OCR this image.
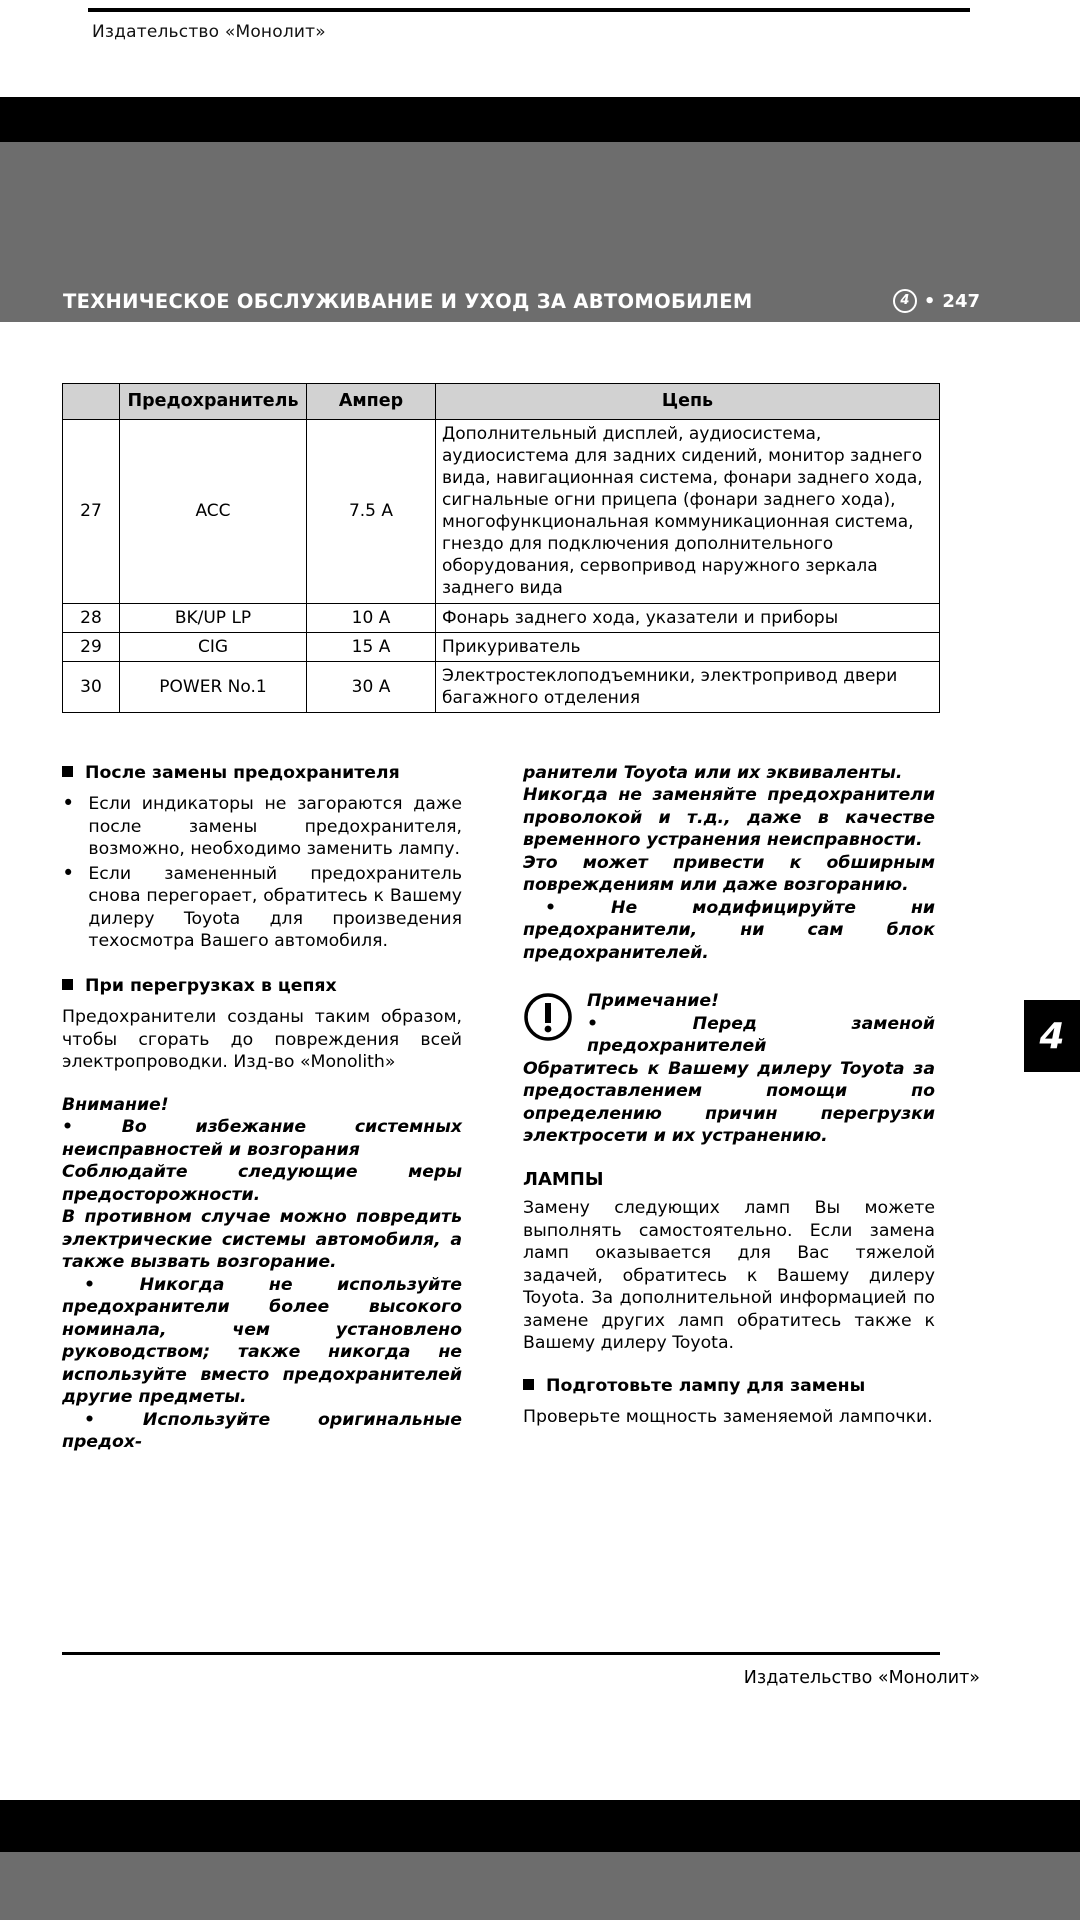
Издательство «Монолит»
ТЕХНИЧЕСКОЕ ОБСЛУЖИВАНИЕ И УХОД ЗА АВТОМОБИЛЕМ	4 • 247
	Предохранитель	Ампер	Цепь
27	ACC	7.5 A	Дополнительный дисплей, аудиосистема, аудиосистема для задних сидений, монитор заднего вида, навигационная система, фонари заднего хода, сигнальные огни прицепа (фонари заднего хода), многофункциональная коммуникационная система, гнездо для подключения дополнительного оборудования, сервопривод наружного зеркала заднего вида
28	BK/UP LP	10 A	Фонарь заднего хода, указатели и приборы
29	CIG	15 A	Прикуриватель
30	POWER No.1	30 A	Электростеклоподъемники, электропривод двери багажного отделения
После замены предохранителя
• Если индикаторы не загораются даже после замены предохранителя, возможно, необходимо заменить лампу.
• Если замененный предохранитель снова перегорает, обратитесь к Вашему дилеру Toyota для произведения техосмотра Вашего автомобиля.
При перегрузках в цепях

Предохранители созданы таким образом, чтобы сгорать до повреждения всей электропроводки. Изд-во «Monolith»

Внимание!

• Во избежание системных неисправностей и возгорания

Соблюдайте следующие меры предосторожности.

В противном случае можно повредить электрические системы автомобиля, а также вызвать возгорание.

• Никогда не используйте предохранители более высокого номинала, чем установлено руководством; также никогда не используйте вместо предохранителей другие предметы.

• Используйте оригинальные предох-

ранители Toyota или их эквиваленты.

Никогда не заменяйте предохранители проволокой и т.д., даже в качестве временного устранения неисправности.

Это может привести к обширным повреждениям или даже возгоранию.

• Не модифицируйте ни предохранители, ни сам блок предохранителей.

Примечание!

• Перед заменой предохранителей

Обратитесь к Вашему дилеру Toyota за предоставлением помощи по определению причин перегрузки электросети и их устранению.

ЛАМПЫ

Замену следующих ламп Вы можете выполнять самостоятельно. Если замена ламп оказывается для Вас тяжелой задачей, обратитесь к Вашему дилеру Toyota. За дополнительной информацией по замене других ламп обратитесь также к Вашему дилеру Toyota.

Подготовьте лампу для замены

Проверьте мощность заменяемой лампочки.

4
Издательство «Монолит»
